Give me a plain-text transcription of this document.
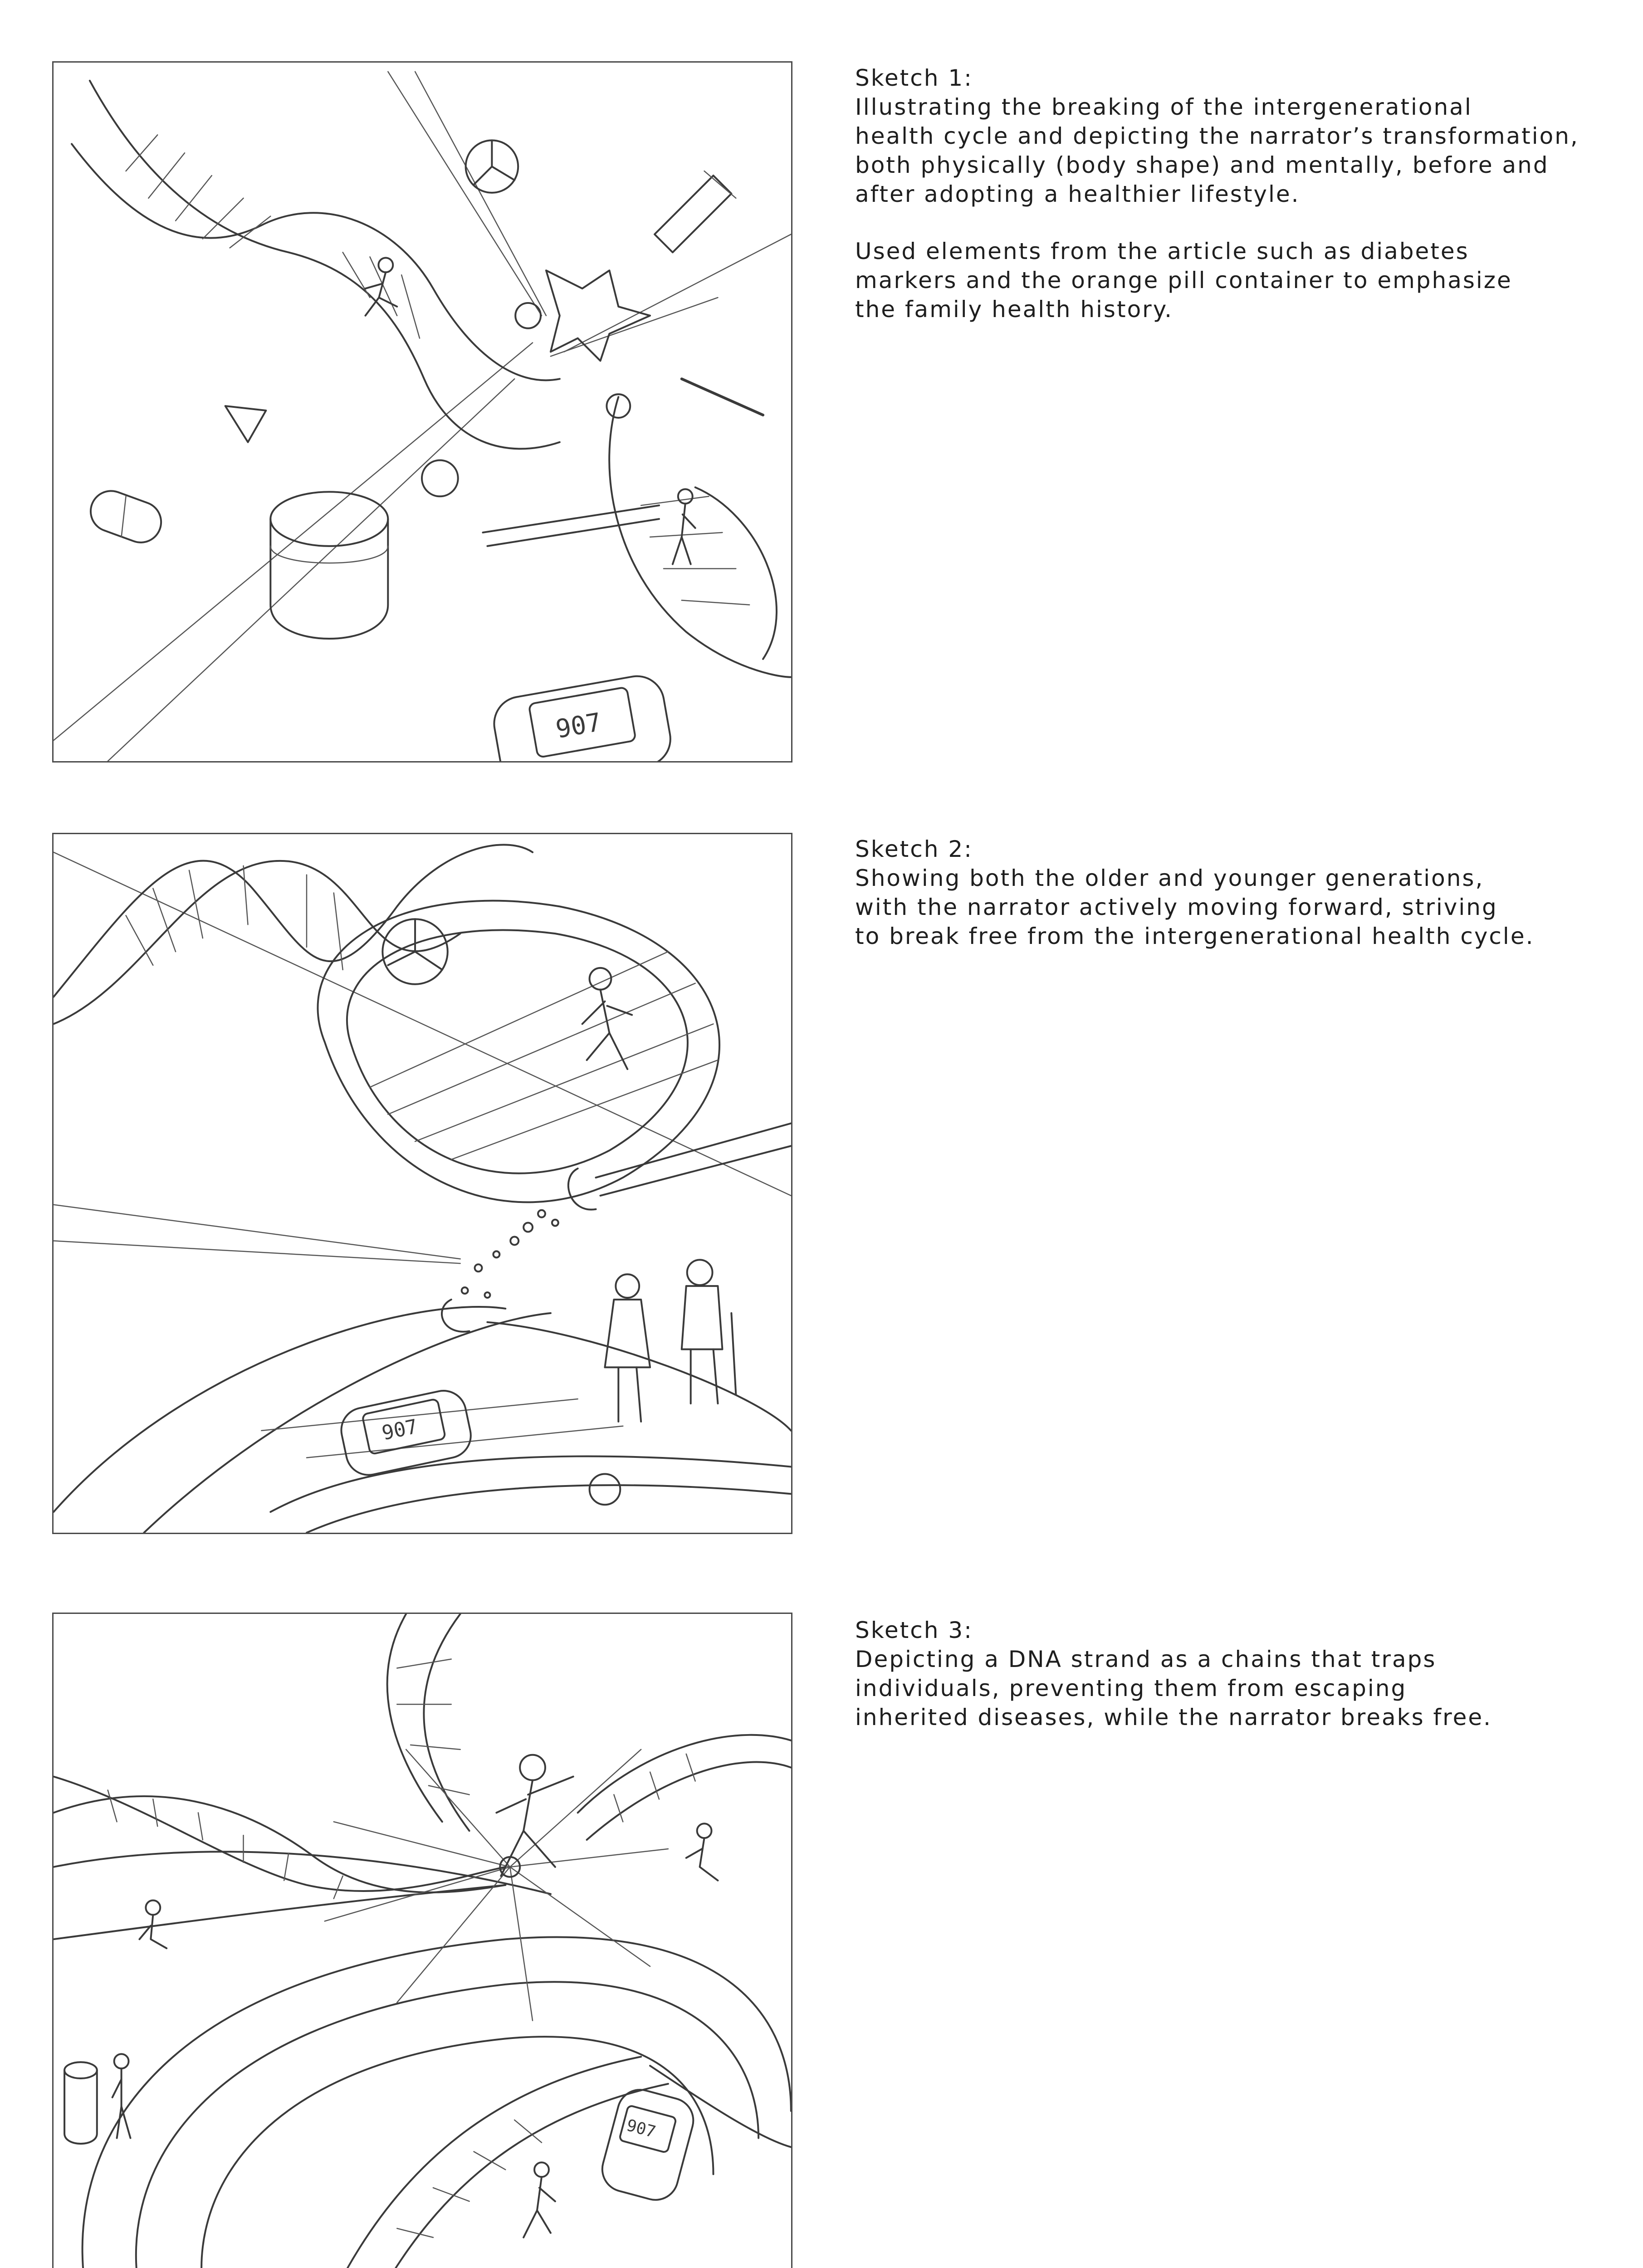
907

Sketch 1:

Illustrating the breaking of the intergenerational
health cycle and depicting the narrator’s transformation,
both physically (body shape) and mentally, before and
after adopting a healthier lifestyle.

Used elements from the article such as diabetes
markers and the orange pill container to emphasize
the family health history.

907

Sketch 2:

Showing both the older and younger generations,
with the narrator actively moving forward, striving
to break free from the intergenerational health cycle.

907

Sketch 3:

Depicting a DNA strand as a chains that traps
individuals, preventing them from escaping
inherited diseases, while the narrator breaks free.
